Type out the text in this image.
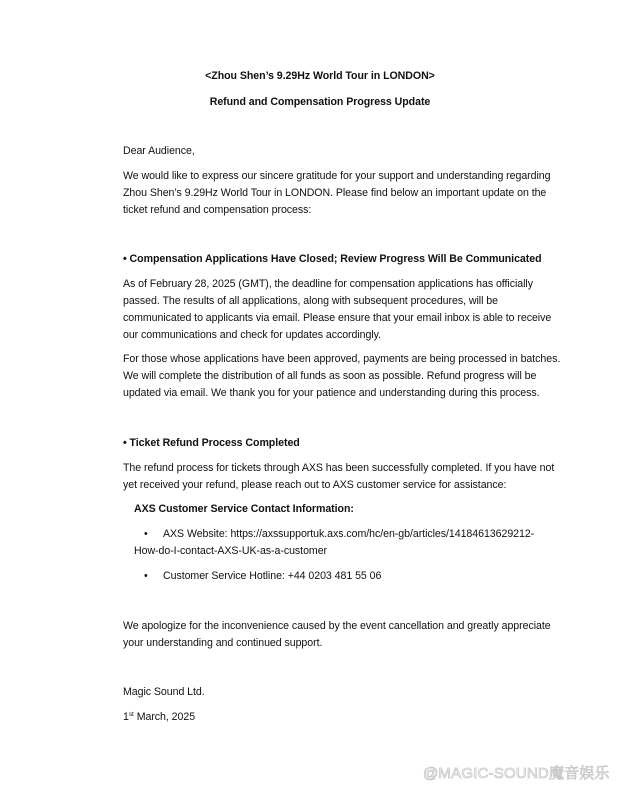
<Zhou Shen’s 9.29Hz World Tour in LONDON>
Refund and Compensation Progress Update
Dear Audience,
We would like to express our sincere gratitude for your support and understanding regarding
Zhou Shen’s 9.29Hz World Tour in LONDON. Please find below an important update on the
ticket refund and compensation process:
• Compensation Applications Have Closed; Review Progress Will Be Communicated
As of February 28, 2025 (GMT), the deadline for compensation applications has officially
passed. The results of all applications, along with subsequent procedures, will be
communicated to applicants via email. Please ensure that your email inbox is able to receive
our communications and check for updates accordingly.
For those whose applications have been approved, payments are being processed in batches.
We will complete the distribution of all funds as soon as possible. Refund progress will be
updated via email. We thank you for your patience and understanding during this process.
• Ticket Refund Process Completed
The refund process for tickets through AXS has been successfully completed. If you have not
yet received your refund, please reach out to AXS customer service for assistance:
AXS Customer Service Contact Information:
• AXS Website: https://axssupportuk.axs.com/hc/en-gb/articles/14184613629212-
How-do-I-contact-AXS-UK-as-a-customer
• Customer Service Hotline: +44 0203 481 55 06
We apologize for the inconvenience caused by the event cancellation and greatly appreciate
your understanding and continued support.
Magic Sound Ltd.
1st March, 2025
@MAGIC-SOUND魔音娱乐
